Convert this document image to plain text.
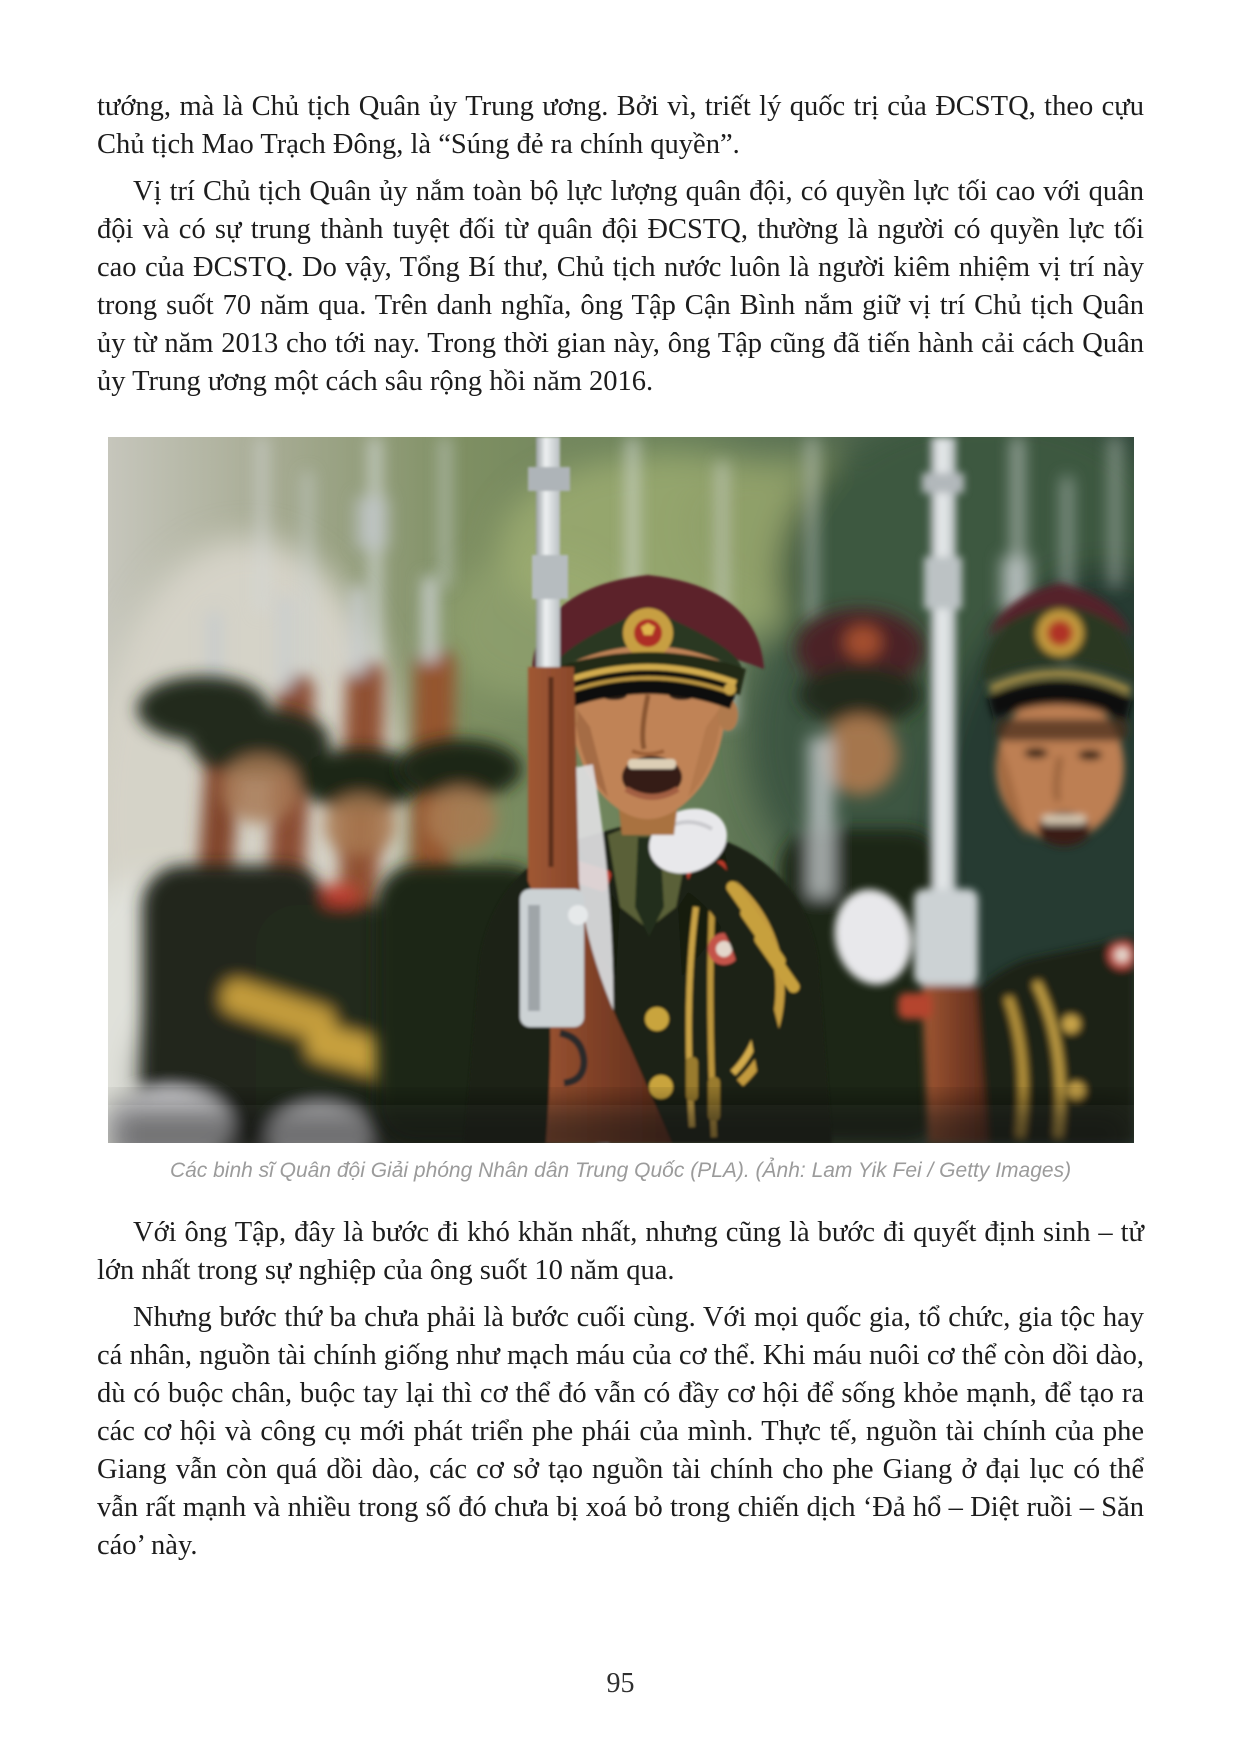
tướng, mà là Chủ tịch Quân ủy Trung ương. Bởi vì, triết lý quốc trị của ĐCSTQ, theo cựu Chủ tịch Mao Trạch Đông, là “Súng đẻ ra chính quyền”.

Vị trí Chủ tịch Quân ủy nắm toàn bộ lực lượng quân đội, có quyền lực tối cao với quân đội và có sự trung thành tuyệt đối từ quân đội ĐCSTQ, thường là người có quyền lực tối cao của ĐCSTQ. Do vậy, Tổng Bí thư, Chủ tịch nước luôn là người kiêm nhiệm vị trí này trong suốt 70 năm qua. Trên danh nghĩa, ông Tập Cận Bình nắm giữ vị trí Chủ tịch Quân ủy từ năm 2013 cho tới nay. Trong thời gian này, ông Tập cũng đã tiến hành cải cách Quân ủy Trung ương một cách sâu rộng hồi năm 2016.

Các binh sĩ Quân đội Giải phóng Nhân dân Trung Quốc (PLA). (Ảnh: Lam Yik Fei / Getty Images)

Với ông Tập, đây là bước đi khó khăn nhất, nhưng cũng là bước đi quyết định sinh – tử lớn nhất trong sự nghiệp của ông suốt 10 năm qua.

Nhưng bước thứ ba chưa phải là bước cuối cùng. Với mọi quốc gia, tổ chức, gia tộc hay cá nhân, nguồn tài chính giống như mạch máu của cơ thể. Khi máu nuôi cơ thể còn dồi dào, dù có buộc chân, buộc tay lại thì cơ thể đó vẫn có đầy cơ hội để sống khỏe mạnh, để tạo ra các cơ hội và công cụ mới phát triển phe phái của mình. Thực tế, nguồn tài chính của phe Giang vẫn còn quá dồi dào, các cơ sở tạo nguồn tài chính cho phe Giang ở đại lục có thể vẫn rất mạnh và nhiều trong số đó chưa bị xoá bỏ trong chiến dịch ‘Đả hổ – Diệt ruồi – Săn cáo’ này.

95
